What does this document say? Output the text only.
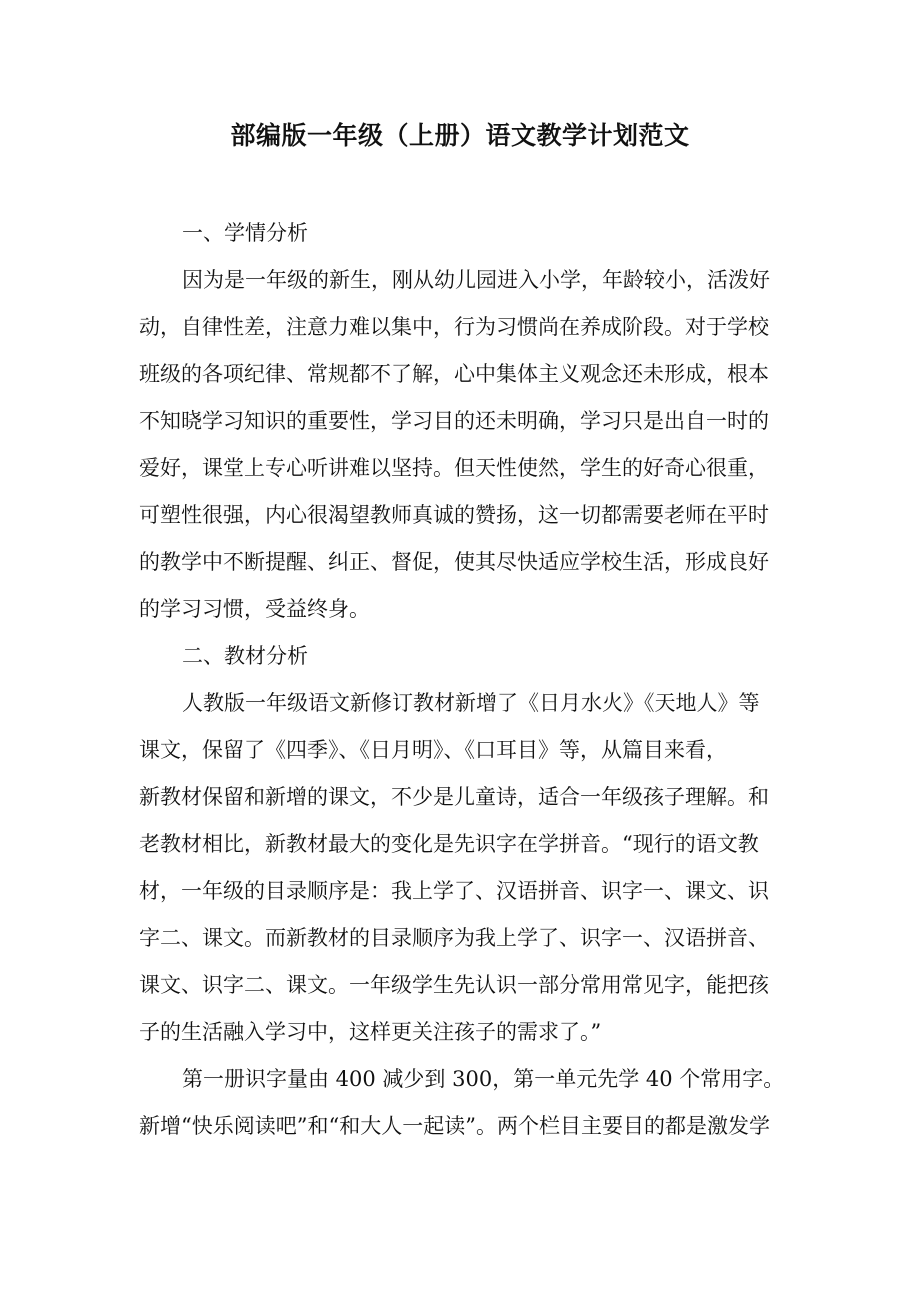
部编版一年级（上册）语文教学计划范文
一、学情分析
因为是一年级的新生，刚从幼儿园进入小学，年龄较小，活泼好
动，自律性差，注意力难以集中，行为习惯尚在养成阶段。对于学校
班级的各项纪律、常规都不了解，心中集体主义观念还未形成，根本
不知晓学习知识的重要性，学习目的还未明确，学习只是出自一时的
爱好，课堂上专心听讲难以坚持。但天性使然，学生的好奇心很重，
可塑性很强，内心很渴望教师真诚的赞扬，这一切都需要老师在平时
的教学中不断提醒、纠正、督促，使其尽快适应学校生活，形成良好
的学习习惯，受益终身。
二、教材分析
人教版一年级语文新修订教材新增了《日月水火》《天地人》等
课文，保留了《四季》、《日月明》、《口耳目》等，从篇目来看，
新教材保留和新增的课文，不少是儿童诗，适合一年级孩子理解。和
老教材相比，新教材最大的变化是先识字在学拼音。“现行的语文教
材，一年级的目录顺序是：我上学了、汉语拼音、识字一、课文、识
字二、课文。而新教材的目录顺序为我上学了、识字一、汉语拼音、
课文、识字二、课文。一年级学生先认识一部分常用常见字，能把孩
子的生活融入学习中，这样更关注孩子的需求了。”
第一册识字量由 400 减少到 300，第一单元先学 40 个常用字。
新增“快乐阅读吧”和“和大人一起读”。两个栏目主要目的都是激发学
